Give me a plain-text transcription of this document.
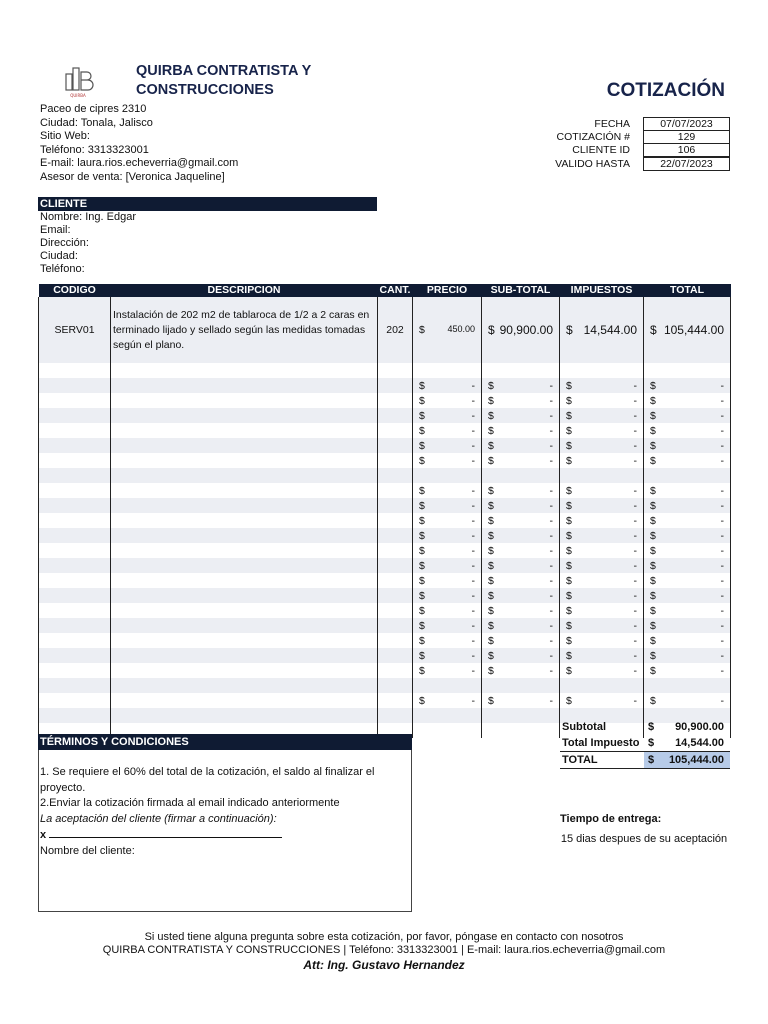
QUIRBA
QUIRBA CONTRATISTA Y CONSTRUCCIONES
Paceo de cipres 2310
Ciudad: Tonala, Jalisco
Sitio Web:
Teléfono: 3313323001
E-mail: laura.rios.echeverria@gmail.com
Asesor de venta: [Veronica Jaqueline]
COTIZACIÓN
FECHA	07/07/2023
COTIZACIÓN #	129
CLIENTE ID	106
VALIDO HASTA	22/07/2023
CLIENTE
Nombre: Ing. Edgar
Email:
Dirección:
Ciudad:
Teléfono:
CODIGO	DESCRIPCION	CANT.	PRECIO	SUB-TOTAL	IMPUESTOS	TOTAL
SERV01	Instalación de 202 m2 de tablaroca de 1/2 a 2 caras en terminado lijado y sellado según las medidas tomadas según el plano.	202	$ 450.00	$ 90,900.00	$ 14,544.00	$ 105,444.00

			$ -	$ -	$ -	$ -

			$ -	$ -	$ -	$ -

			$ -	$ -	$ -	$ -

			$ -	$ -	$ -	$ -

			$ -	$ -	$ -	$ -

			$ -	$ -	$ -	$ -

			$ -	$ -	$ -	$ -

			$ -	$ -	$ -	$ -

			$ -	$ -	$ -	$ -

			$ -	$ -	$ -	$ -

			$ -	$ -	$ -	$ -

			$ -	$ -	$ -	$ -

			$ -	$ -	$ -	$ -

			$ -	$ -	$ -	$ -

			$ -	$ -	$ -	$ -

			$ -	$ -	$ -	$ -

			$ -	$ -	$ -	$ -

			$ -	$ -	$ -	$ -

			$ -	$ -	$ -	$ -

			$ -	$ -	$ -	$ -

Subtotal	$ 90,900.00
Total Impuesto $ 14,544.00
TOTAL	$ 105,444.00
TÉRMINOS Y CONDICIONES
1. Se requiere el 60% del total de la cotización, el saldo al finalizar el proyecto.
2.Enviar la cotización firmada al email indicado anteriormente
La aceptación del cliente (firmar a continuación):
x
Nombre del cliente:
Tiempo de entrega:
15 dias despues de su aceptación
Si usted tiene alguna pregunta sobre esta cotización, por favor, póngase en contacto con nosotros
QUIRBA CONTRATISTA Y CONSTRUCCIONES | Teléfono: 3313323001 | E-mail: laura.rios.echeverria@gmail.com
Att: Ing. Gustavo Hernandez
